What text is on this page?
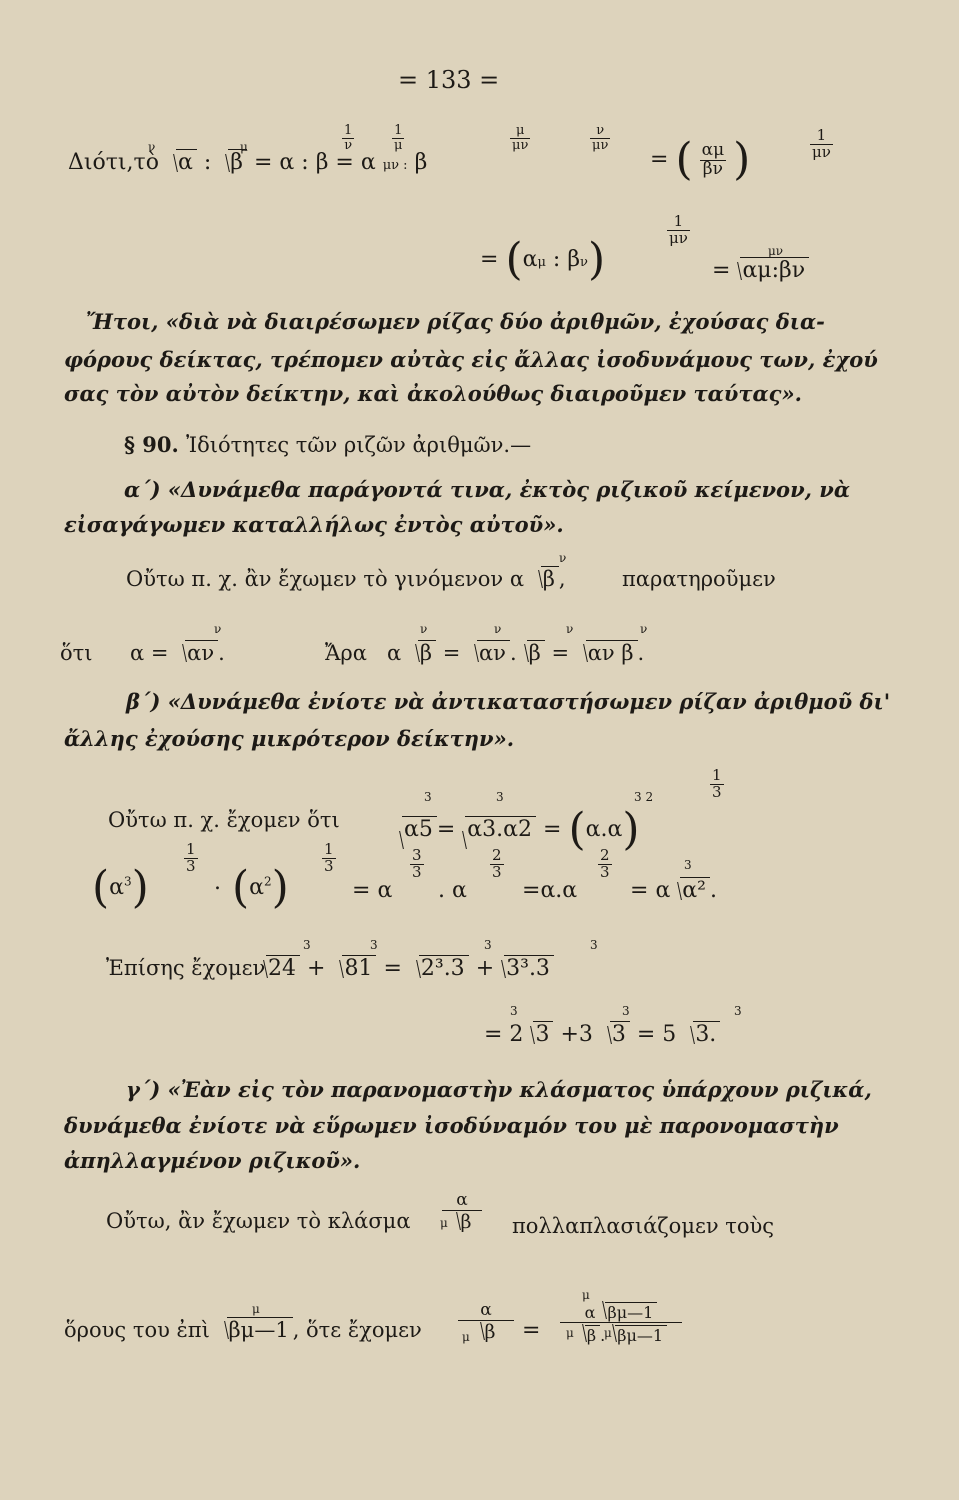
= 133 =
Διότι,τὸ α : β = α : β = α μν : β
ν	μ	$\frac{1}{\nu}$	$\frac{1}{\mu}$	$\frac{\mu}{\mu\nu}$	$\frac{\nu}{\mu\nu}$
= ( $\frac{\alpha\mu}{\beta\nu}$ )	$\frac{1}{\mu\nu}$
= (αμ : βν)
$\frac{1}{\mu\nu}$
= αμ:βν
μν
Ἤτοι, «διὰ νὰ διαιρέσωμεν ρίζας δύο ἀριθμῶν, ἐχούσας δια-
φόρους δείκτας, τρέπομεν αὐτὰς εἰς ἄλλας ἰσοδυνάμους των, ἐχού
σας τὸν αὐτὸν δείκτην, καὶ ἀκολούθως διαιροῦμεν ταύτας».
§ 90. Ἰδιότητες τῶν ριζῶν ἀριθμῶν.—
α΄) «Δυνάμεθα παράγοντά τινα, ἐκτὸς ριζικοῦ κείμενον, νὰ
εἰσαγάγωμεν καταλλήλως ἐντὸς αὐτοῦ».
Οὔτω π. χ. ἂν ἔχωμεν τὸ γινόμενον α β ,
ν
παρατηροῦμεν
ὅτι α = αν .
ν
Ἄρα α β = αν . β = αν β .
ν	ν	ν	ν
β΄) «Δυνάμεθα ἐνίοτε νὰ ἀντικαταστήσωμεν ρίζαν ἀριθμοῦ δι'
ἄλλης ἐχούσης μικρότερον δείκτην».
Οὔτω π. χ. ἔχομεν ὅτι	α5 = α3.α2 = (α.α)
3	3	3 2	$\frac{1}{3}$
$(\alpha^3)$
$\frac{1}{3}$
. $(\alpha^2)$
$\frac{1}{3}$
= α
$\frac{3}{3}$
. α
$\frac{2}{3}$
=α.α
$\frac{2}{3}$
= α α² .
3
Ἐπίσης ἔχομεν 24 + 81 = 2³.3 + 3³.3
3	3	3	3
= 2 3 +3 3 = 5 3.
3	3	3
γ΄) «Ἐὰν εἰς τὸν παρανομαστὴν κλάσματος ὑπάρχουν ριζικά,
δυνάμεθα ἐνίοτε νὰ εὕρωμεν ἰσοδύναμόν του μὲ παρονομαστὴν
ἀπηλλαγμένον ριζικοῦ».
Οὔτω, ἂν ἔχωμεν τὸ κλάσμα
α
β
μ	πολλαπλασιάζομεν τοὺς
ὅρους του ἐπὶ βμ—1 , ὅτε ἔχομεν
μ	α
β
μ =
α βμ—1
β . βμ—1
μ
μ	μ
